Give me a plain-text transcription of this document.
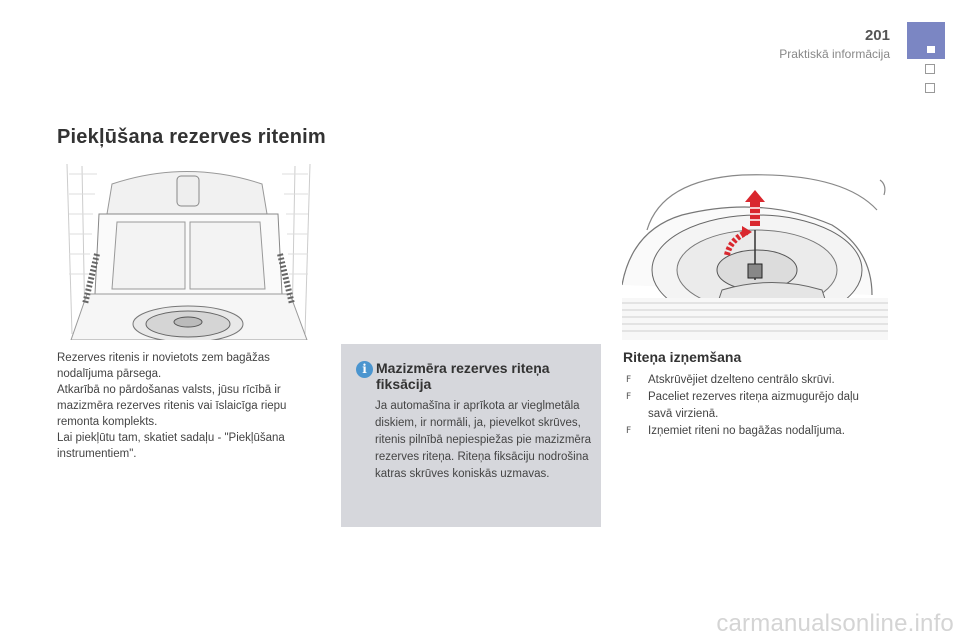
201
Praktiskā informācija
Piekļūšana rezerves ritenim

Rezerves ritenis ir novietots zem bagāžas nodalījuma pārsega.
Atkarībā no pārdošanas valsts, jūsu rīcībā ir mazizmēra rezerves ritenis vai īslaicīga riepu remonta komplekts.
Lai piekļūtu tam, skatiet sadaļu - "Piekļūšana instrumentiem".

i Mazizmēra rezerves riteņa fiksācija

Ja automašīna ir aprīkota ar vieglmetāla diskiem, ir normāli, ja, pievelkot skrūves, ritenis pilnībā nepiespiežas pie mazizmēra rezerves riteņa. Riteņa fiksāciju nodrošina katras skrūves koniskās uzmavas.

Riteņa izņemšana
F Atskrūvējiet dzelteno centrālo skrūvi.
F Paceliet rezerves riteņa aizmugurējo daļu savā virzienā.
F Izņemiet riteni no bagāžas nodalījuma.
carmanualsonline.info
